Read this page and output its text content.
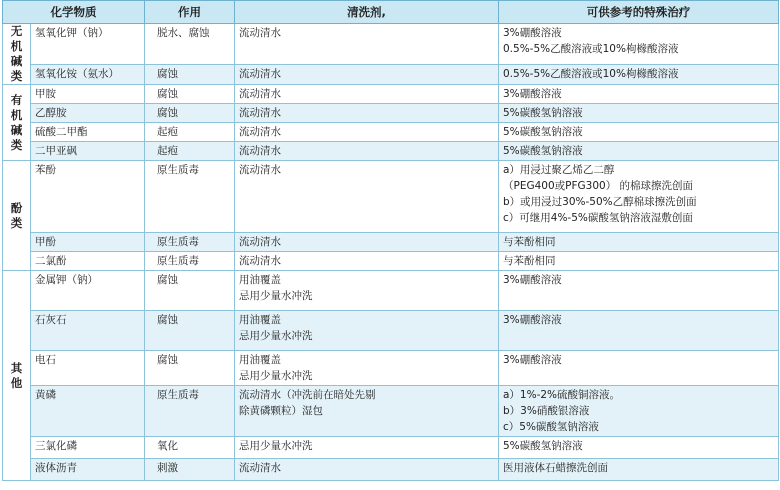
化学物质		作用	清洗剂,	可供参考的特殊治疗

无机碱类	氢氧化钾（钠）	脱水、腐蚀	流动清水	3%硼酸溶液
0.5%-5%乙酸溶液或10%枸橼酸溶液

	氢氧化铵（氨水）	腐蚀	流动清水	0.5%-5%乙酸溶液或10%枸橼酸溶液

有机碱类	甲胺	腐蚀	流动清水	3%硼酸溶液

	乙醇胺	腐蚀	流动清水	5%碳酸氢钠溶液

	硫酸二甲酯	起疱	流动清水	5%碳酸氢钠溶液

	二甲亚砜	起疱	流动清水	5%碳酸氢钠溶液

酚类	苯酚	原生质毒	流动清水	a）用浸过聚乙烯乙二醇
（PEG400或PFG300） 的棉球擦洗创面
b）或用浸过30%-50%乙醇棉球擦洗创面
c）可继用4%-5%碳酸氢钠溶液湿敷创面

	甲酚	原生质毒	流动清水	与苯酚相同

	二氯酚	原生质毒	流动清水	与苯酚相同

其他	金属钾（钠）	腐蚀	用油覆盖
忌用少量水冲洗	3%硼酸溶液

	石灰石	腐蚀	用油覆盖
忌用少量水冲洗	3%硼酸溶液

	电石	腐蚀	用油覆盖
忌用少量水冲洗	3%硼酸溶液

	黄磷	原生质毒	流动清水（冲洗前在暗处先剔
除黄磷颗粒）湿包	a）1%-2%硫酸铜溶液。
b）3%硝酸银溶液
c）5%碳酸氢钠溶液

	三氯化磷	氧化	忌用少量水冲洗	5%碳酸氢钠溶液

	液体沥青	刺激	流动清水	医用液体石蜡擦洗创面
